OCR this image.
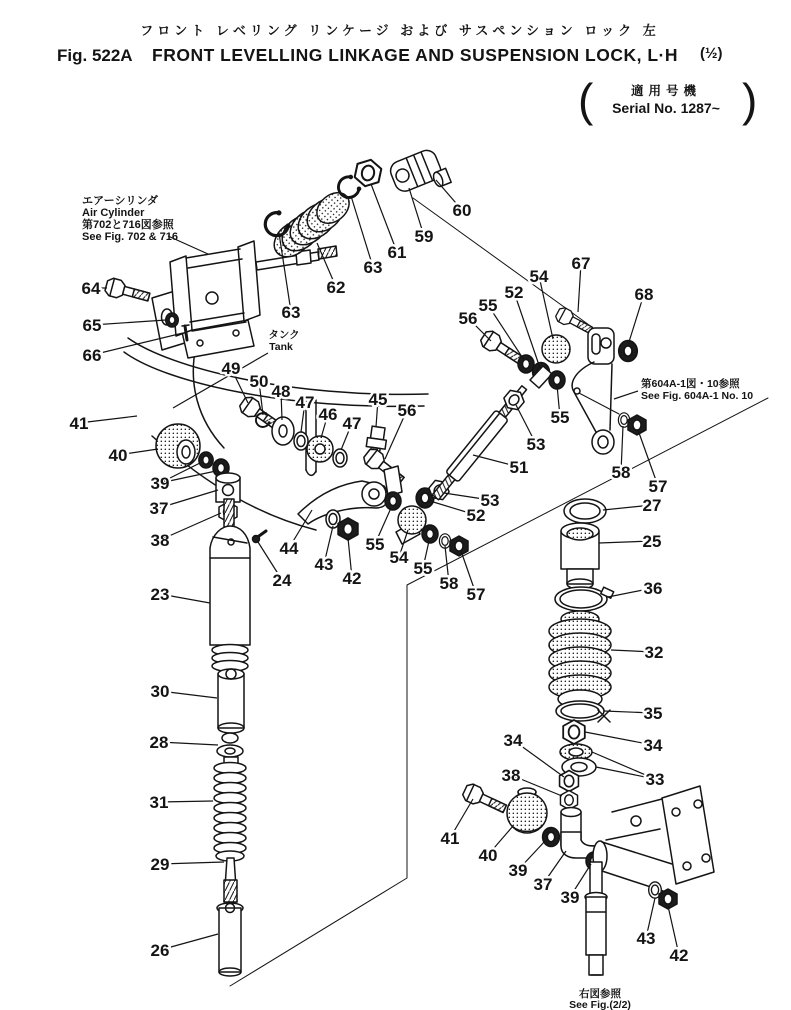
フロント レベリング リンケージ および サスペンション ロック 左
Fig. 522A FRONT LEVELLING LINKAGE AND SUSPENSION LOCK, L·H (½)
(	)
適用号機
Serial No. 1287~
エアーシリンダ
Air Cylinder
第702と716図参照
See Fig. 702 & 716
タンク
Tank
第604A-1図・10参照
See Fig. 604A-1 No. 10
右図参照
See Fig.(2/2)
60
59
61
63
62
63
64
65
66
41
40
39
37
38
23
30
28
31
29
26
49
50
48
47
46 47
45
56
44
43
42
24
55
54
55
58
57
53
52
51
53
55
56
55
52
54
67
68
58
57
27
25
36
32
35
34
33
34
38
41
40
39
37
39
43
42
